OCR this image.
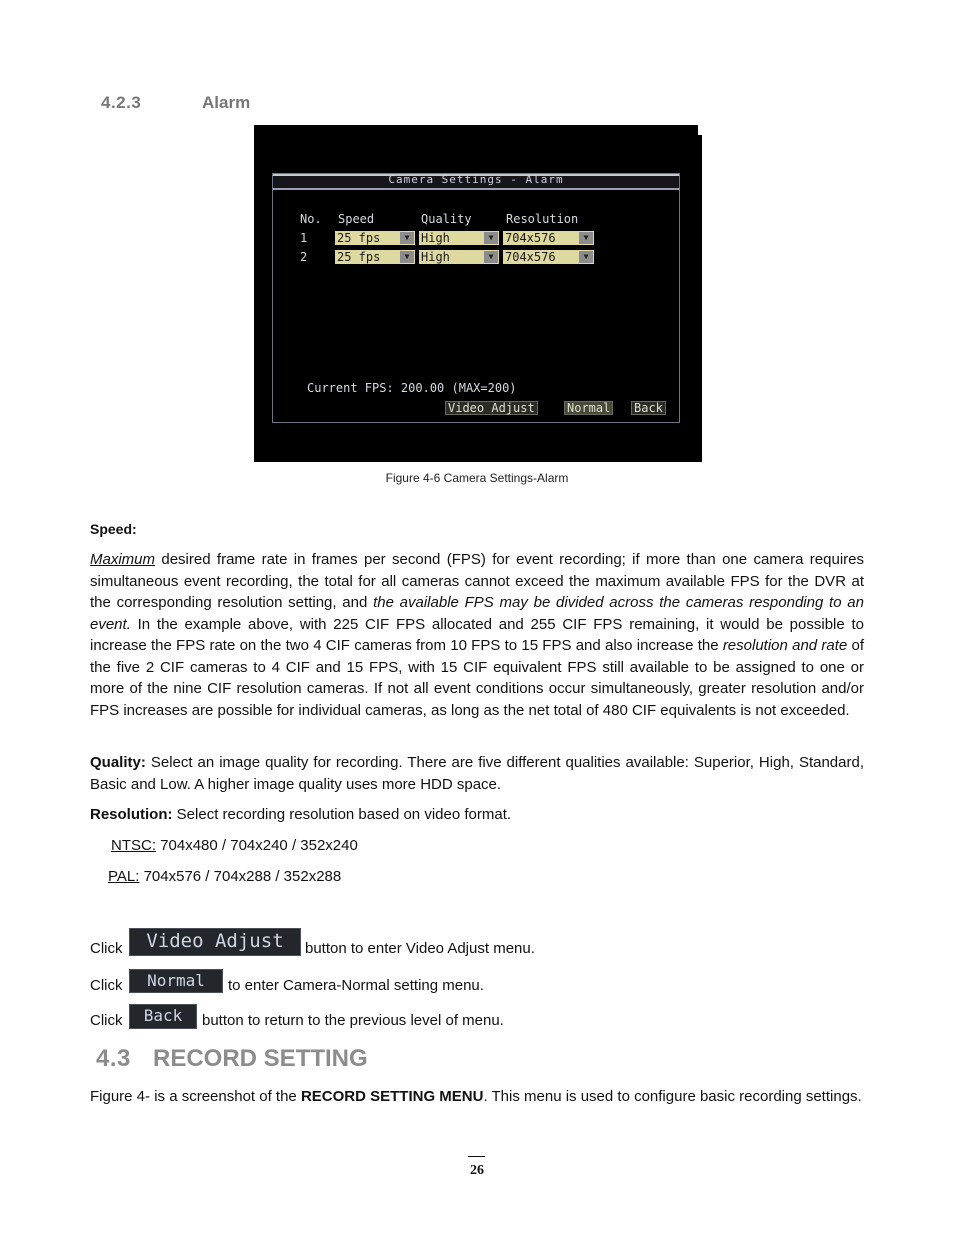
4.2.3	Alarm
Camera Settings - Alarm
No. Speed	Quality	Resolution
1 25 fps	▼ High	▼ 704x576	▼
2 25 fps	▼ High	▼ 704x576	▼
Current FPS: 200.00 (MAX=200)
Video Adjust	Normal Back
Figure 4-6 Camera Settings-Alarm
Speed:
Maximum desired frame rate in frames per second (FPS) for event recording; if more than one camera requires simultaneous event recording, the total for all cameras cannot exceed the maximum available FPS for the DVR at the corresponding resolution setting, and the available FPS may be divided across the cameras responding to an event. In the example above, with 225 CIF FPS allocated and 255 CIF FPS remaining, it would be possible to increase the FPS rate on the two 4 CIF cameras from 10 FPS to 15 FPS and also increase the resolution and rate of the five 2 CIF cameras to 4 CIF and 15 FPS, with 15 CIF equivalent FPS still available to be assigned to one or more of the nine CIF resolution cameras. If not all event conditions occur simultaneously, greater resolution and/or FPS increases are possible for individual cameras, as long as the net total of 480 CIF equivalents is not exceeded.
Quality: Select an image quality for recording. There are five different qualities available: Superior, High, Standard, Basic and Low. A higher image quality uses more HDD space.
Resolution: Select recording resolution based on video format.
NTSC: 704x480 / 704x240 / 352x240
PAL: 704x576 / 704x288 / 352x288
Click	Video Adjust	button to enter Video Adjust menu.
Click	Normal	to enter Camera-Normal setting menu.
Click	Back	button to return to the previous level of menu.
4.3 RECORD SETTING
Figure 4- is a screenshot of the RECORD SETTING MENU. This menu is used to configure basic recording settings.
26
